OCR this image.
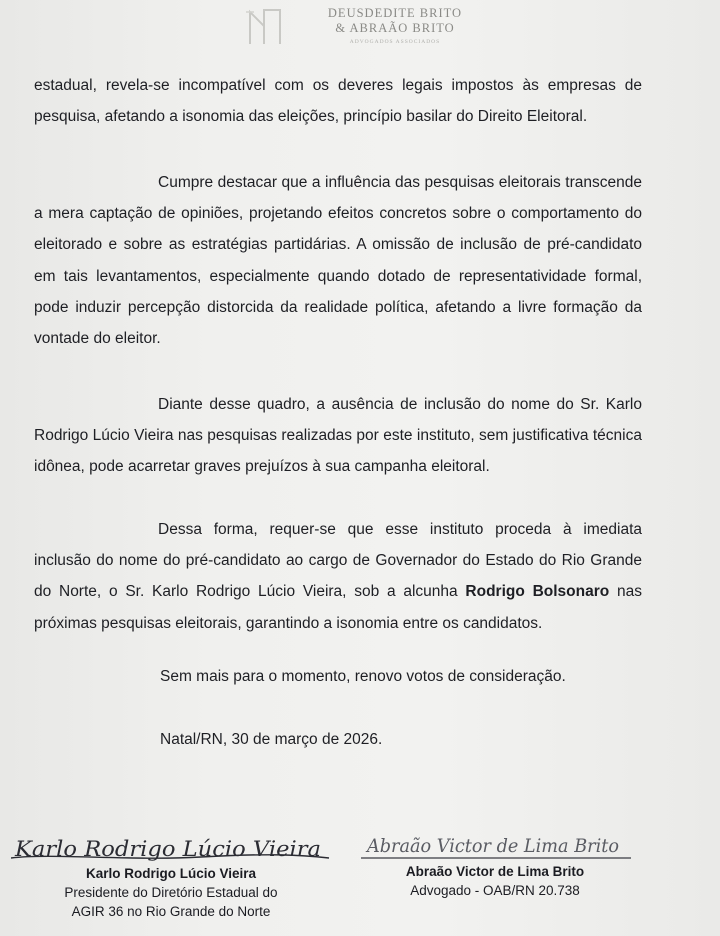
DEUSDEDITE BRITO
& ABRAÃO BRITO
ADVOGADOS ASSOCIADOS

estadual, revela-se incompatível com os deveres legais impostos às empresas de pesquisa, afetando a isonomia das eleições, princípio basilar do Direito Eleitoral.

Cumpre destacar que a influência das pesquisas eleitorais transcende a mera captação de opiniões, projetando efeitos concretos sobre o comportamento do eleitorado e sobre as estratégias partidárias. A omissão de inclusão de pré-candidato em tais levantamentos, especialmente quando dotado de representatividade formal, pode induzir percepção distorcida da realidade política, afetando a livre formação da vontade do eleitor.

Diante desse quadro, a ausência de inclusão do nome do Sr. Karlo Rodrigo Lúcio Vieira nas pesquisas realizadas por este instituto, sem justificativa técnica idônea, pode acarretar graves prejuízos à sua campanha eleitoral.

Dessa forma, requer-se que esse instituto proceda à imediata inclusão do nome do pré-candidato ao cargo de Governador do Estado do Rio Grande do Norte, o Sr. Karlo Rodrigo Lúcio Vieira, sob a alcunha Rodrigo Bolsonaro nas próximas pesquisas eleitorais, garantindo a isonomia entre os candidatos.

Sem mais para o momento, renovo votos de consideração.
Natal/RN, 30 de março de 2026.
Karlo Rodrigo Lúcio Vieira
Karlo Rodrigo Lúcio Vieira
Presidente do Diretório Estadual do
AGIR 36 no Rio Grande do Norte
Abraão Victor de Lima Brito
Abraão Victor de Lima Brito
Advogado - OAB/RN 20.738
